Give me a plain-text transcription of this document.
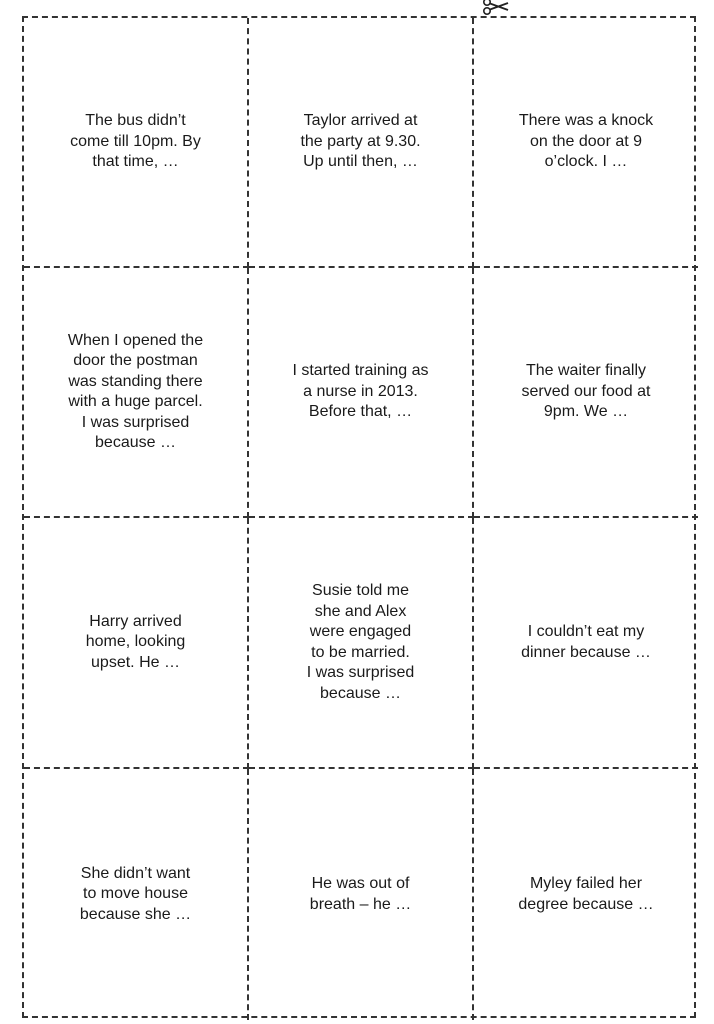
The bus didn’t
come till 10pm. By
that time, …
Taylor arrived at
the party at 9.30.
Up until then, …
There was a knock
on the door at 9
o’clock. I …
When I opened the
door the postman
was standing there
with a huge parcel.
I was surprised
because …
I started training as
a nurse in 2013.
Before that, …
The waiter finally
served our food at
9pm. We …
Harry arrived
home, looking
upset. He …
Susie told me
she and Alex
were engaged
to be married.
I was surprised
because …
I couldn’t eat my
dinner because …
She didn’t want
to move house
because she …
He was out of
breath – he …
Myley failed her
degree because …
